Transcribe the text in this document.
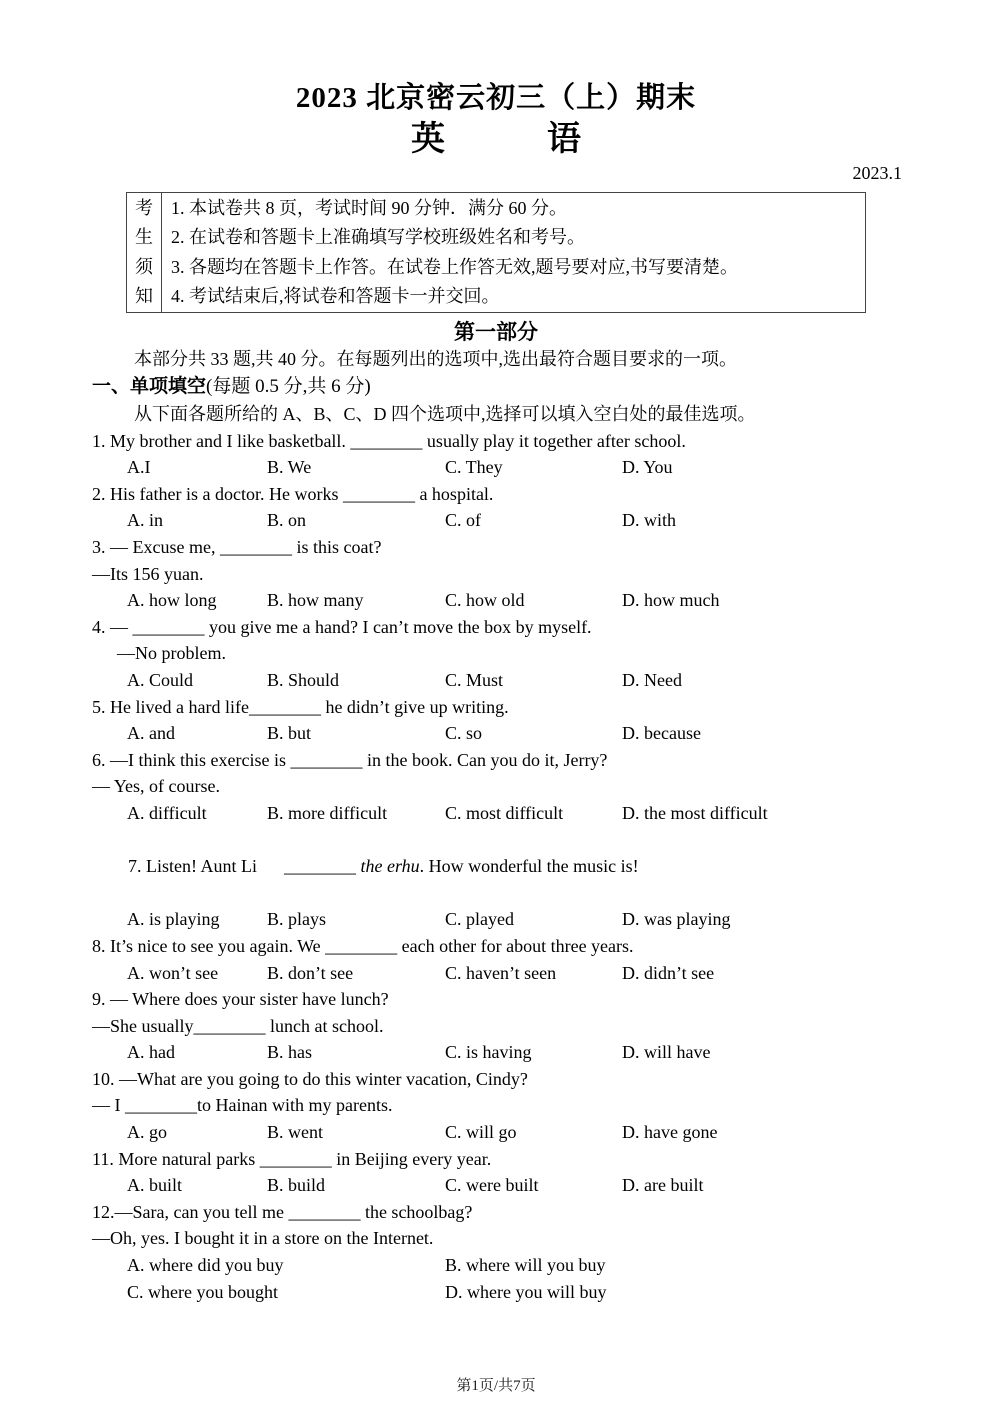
2023 北京密云初三（上）期末
英　　　语
2023.1
考
生
须
知
1. 本试卷共 8 页，考试时间 90 分钟．满分 60 分。
2. 在试卷和答题卡上准确填写学校班级姓名和考号。
3. 各题均在答题卡上作答。在试卷上作答无效,题号要对应,书写要清楚。
4. 考试结束后,将试卷和答题卡一并交回。
第一部分
本部分共 33 题,共 40 分。在每题列出的选项中,选出最符合题目要求的一项。
一、单项填空(每题 0.5 分,共 6 分)
从下面各题所给的 A、B、C、D 四个选项中,选择可以填入空白处的最佳选项。
1. My brother and I like basketball. ________ usually play it together after school.
A.I	B. We	C. They	D. You
2. His father is a doctor. He works ________ a hospital.
A. in	B. on	C. of	D. with
3. — Excuse me, ________ is this coat?
—Its 156 yuan.
A. how long	B. how many	C. how old	D. how much
4. — ________ you give me a hand? I can’t move the box by myself.
—No problem.
A. Could	B. Should	C. Must	D. Need
5. He lived a hard life________ he didn’t give up writing.
A. and	B. but	C. so	D. because
6. —I think this exercise is ________ in the book. Can you do it, Jerry?
— Yes, of course.
A. difficult	B. more difficult	C. most difficult	D. the most difficult

7. Listen! Aunt Li      ________ the erhu. How wonderful the music is!

A. is playing	B. plays	C. played	D. was playing
8. It’s nice to see you again. We ________ each other for about three years.
A. won’t see	B. don’t see	C. haven’t seen	D. didn’t see
9. — Where does your sister have lunch?
—She usually________ lunch at school.
A. had	B. has	C. is having	D. will have
10. —What are you going to do this winter vacation, Cindy?
— I ________to Hainan with my parents.
A. go	B. went	C. will go	D. have gone
11. More natural parks ________ in Beijing every year.
A. built	B. build	C. were built	D. are built
12.—Sara, can you tell me ________ the schoolbag?
—Oh, yes. I bought it in a store on the Internet.
A. where did you buy	B. where will you buy
C. where you bought	D. where you will buy
第1页/共7页
